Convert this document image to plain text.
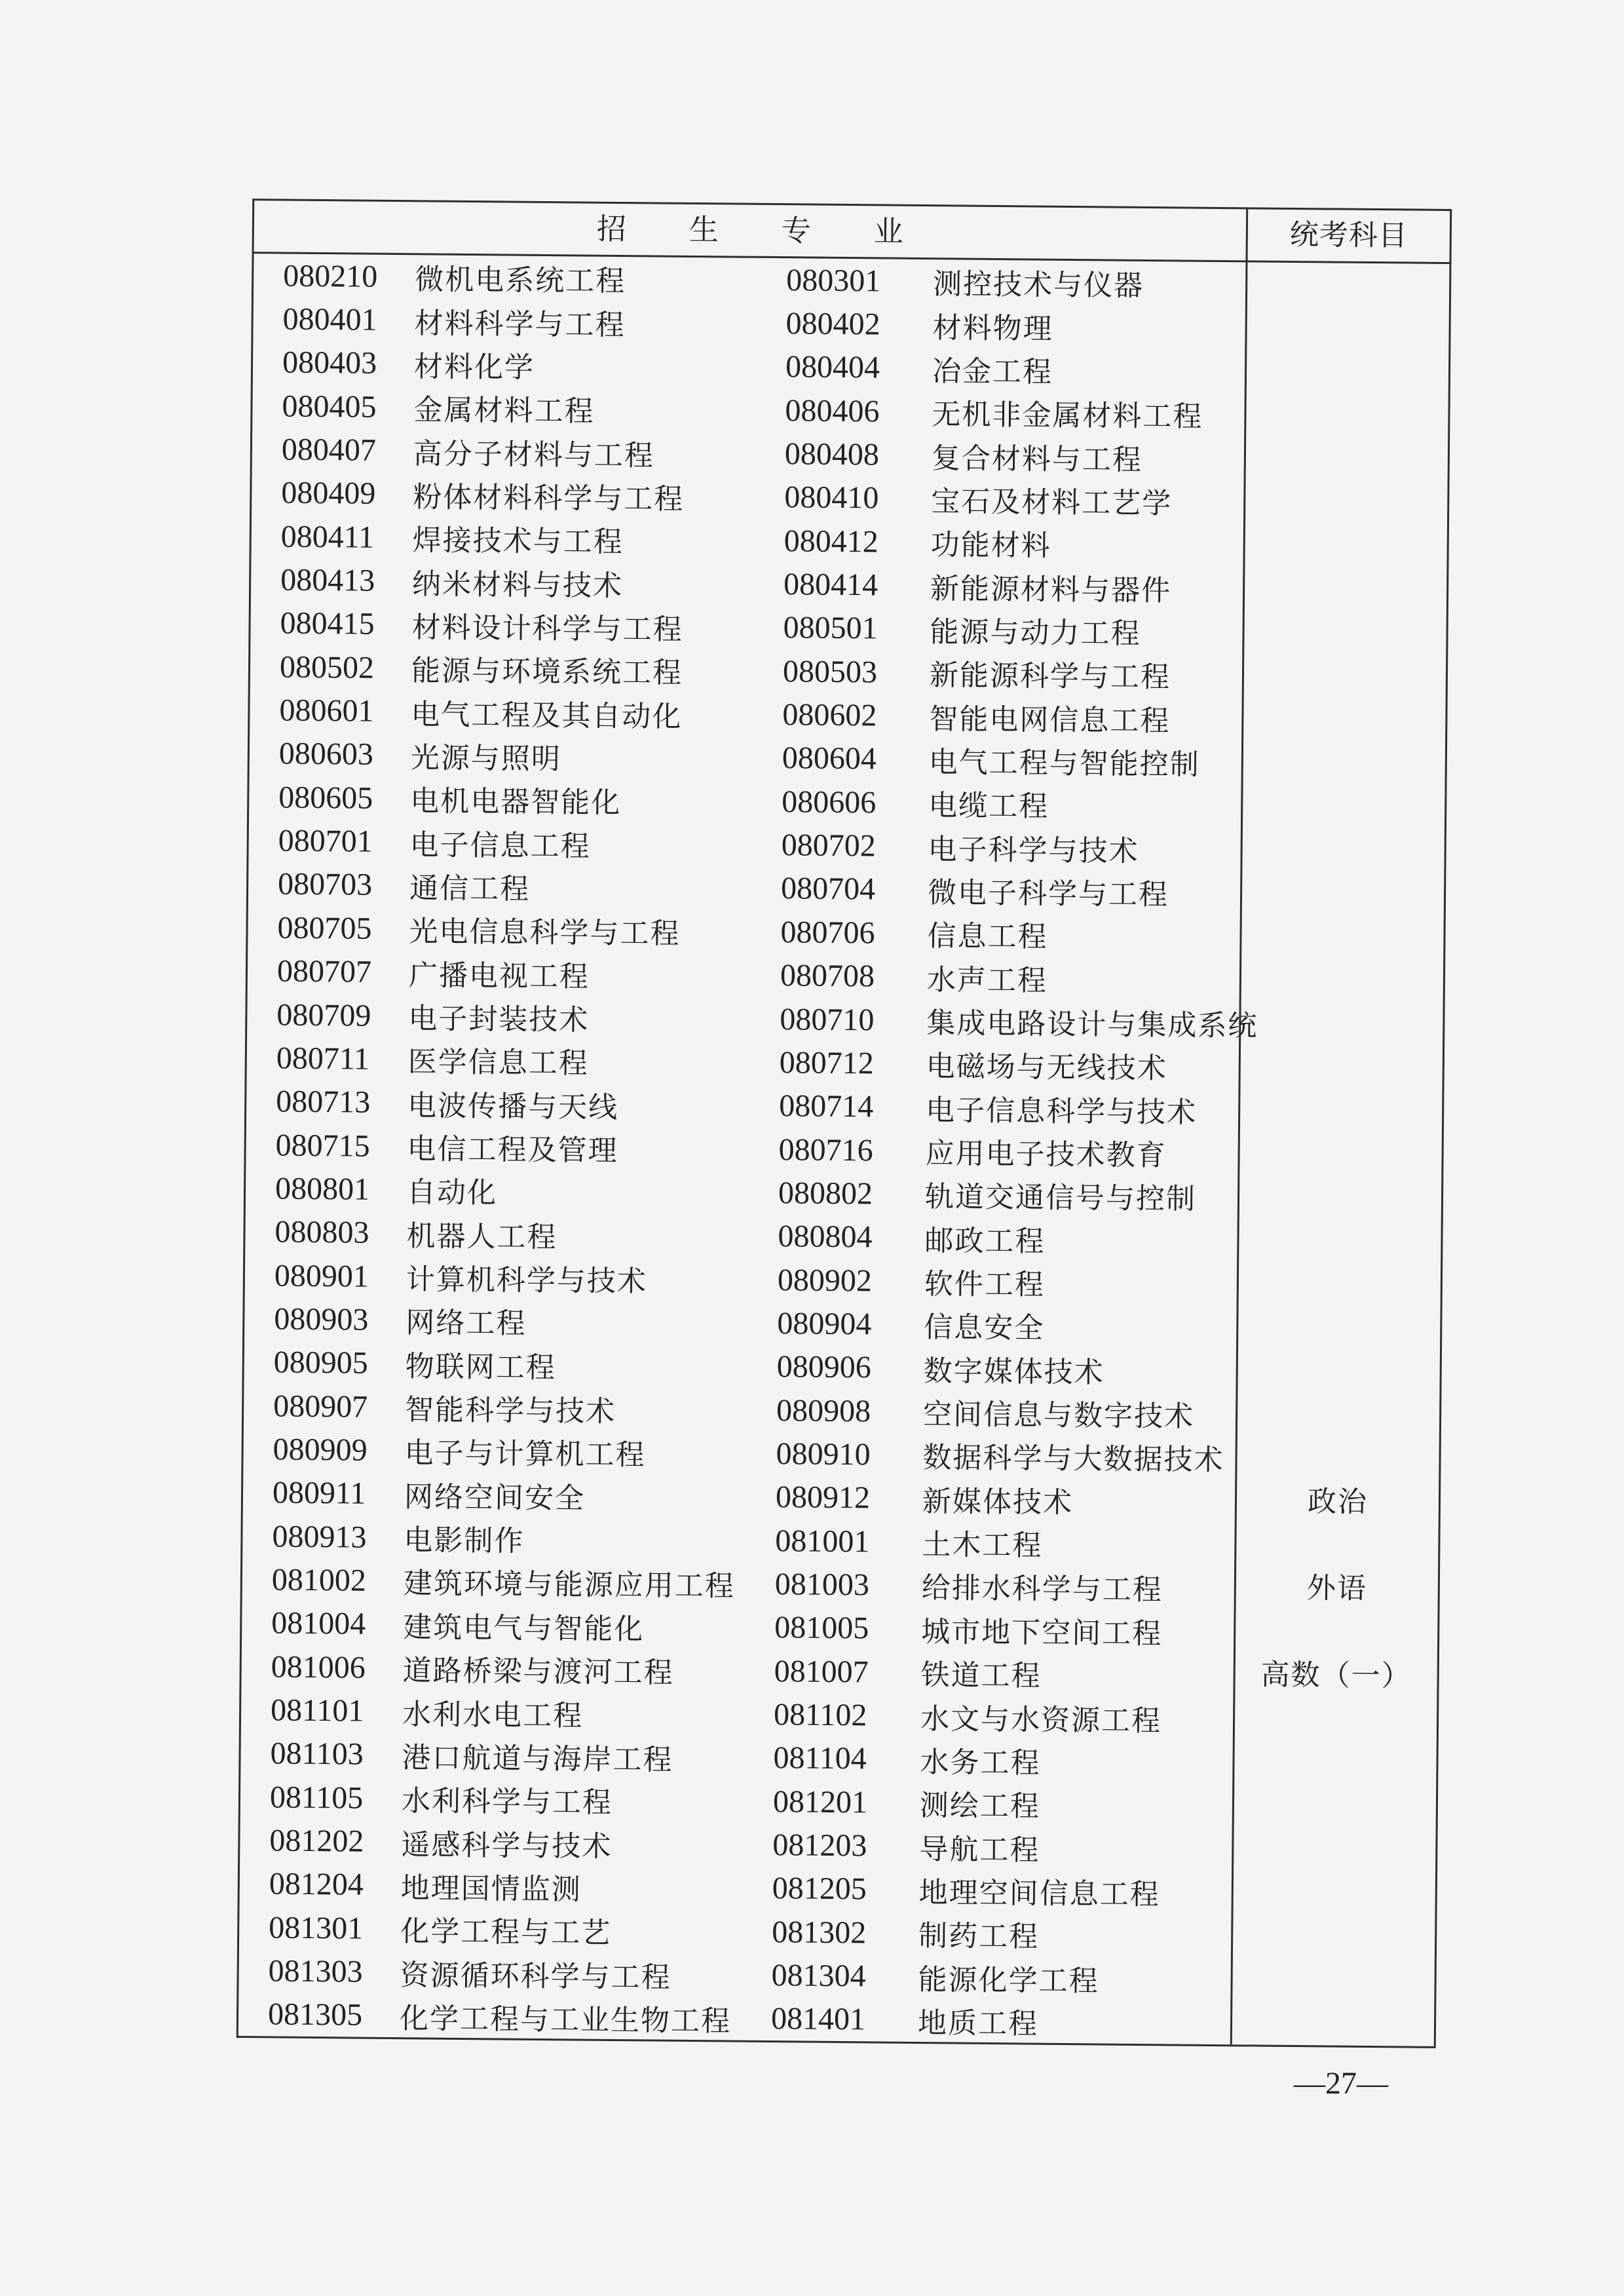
招生专业	统考科目
080210 微机电系统工程	080301 测控技术与仪器
080401 材料科学与工程	080402 材料物理
080403 材料化学	080404 冶金工程
080405 金属材料工程	080406 无机非金属材料工程
080407 高分子材料与工程	080408 复合材料与工程
080409 粉体材料科学与工程	080410 宝石及材料工艺学
080411 焊接技术与工程	080412 功能材料
080413 纳米材料与技术	080414 新能源材料与器件
080415 材料设计科学与工程	080501 能源与动力工程
080502 能源与环境系统工程	080503 新能源科学与工程
080601 电气工程及其自动化	080602 智能电网信息工程
080603 光源与照明	080604 电气工程与智能控制
080605 电机电器智能化	080606 电缆工程
080701 电子信息工程	080702 电子科学与技术
080703 通信工程	080704 微电子科学与工程
080705 光电信息科学与工程	080706 信息工程
080707 广播电视工程	080708 水声工程
080709 电子封装技术	080710 集成电路设计与集成系统
080711 医学信息工程	080712 电磁场与无线技术
080713 电波传播与天线	080714 电子信息科学与技术
080715 电信工程及管理	080716 应用电子技术教育
080801 自动化	080802 轨道交通信号与控制
080803 机器人工程	080804 邮政工程
080901 计算机科学与技术	080902 软件工程
080903 网络工程	080904 信息安全
080905 物联网工程	080906 数字媒体技术
080907 智能科学与技术	080908 空间信息与数字技术
080909 电子与计算机工程	080910 数据科学与大数据技术
080911 网络空间安全	080912 新媒体技术
080913 电影制作	081001 土木工程
081002 建筑环境与能源应用工程 081003 给排水科学与工程
081004 建筑电气与智能化	081005 城市地下空间工程
081006 道路桥梁与渡河工程	081007 铁道工程
081101 水利水电工程	081102 水文与水资源工程
081103 港口航道与海岸工程	081104 水务工程
081105 水利科学与工程	081201 测绘工程
081202 遥感科学与技术	081203 导航工程
081204 地理国情监测	081205 地理空间信息工程
081301 化学工程与工艺	081302 制药工程
081303 资源循环科学与工程	081304 能源化学工程
081305 化学工程与工业生物工程 081401 地质工程
政治
外语
高数（一）
—27—
